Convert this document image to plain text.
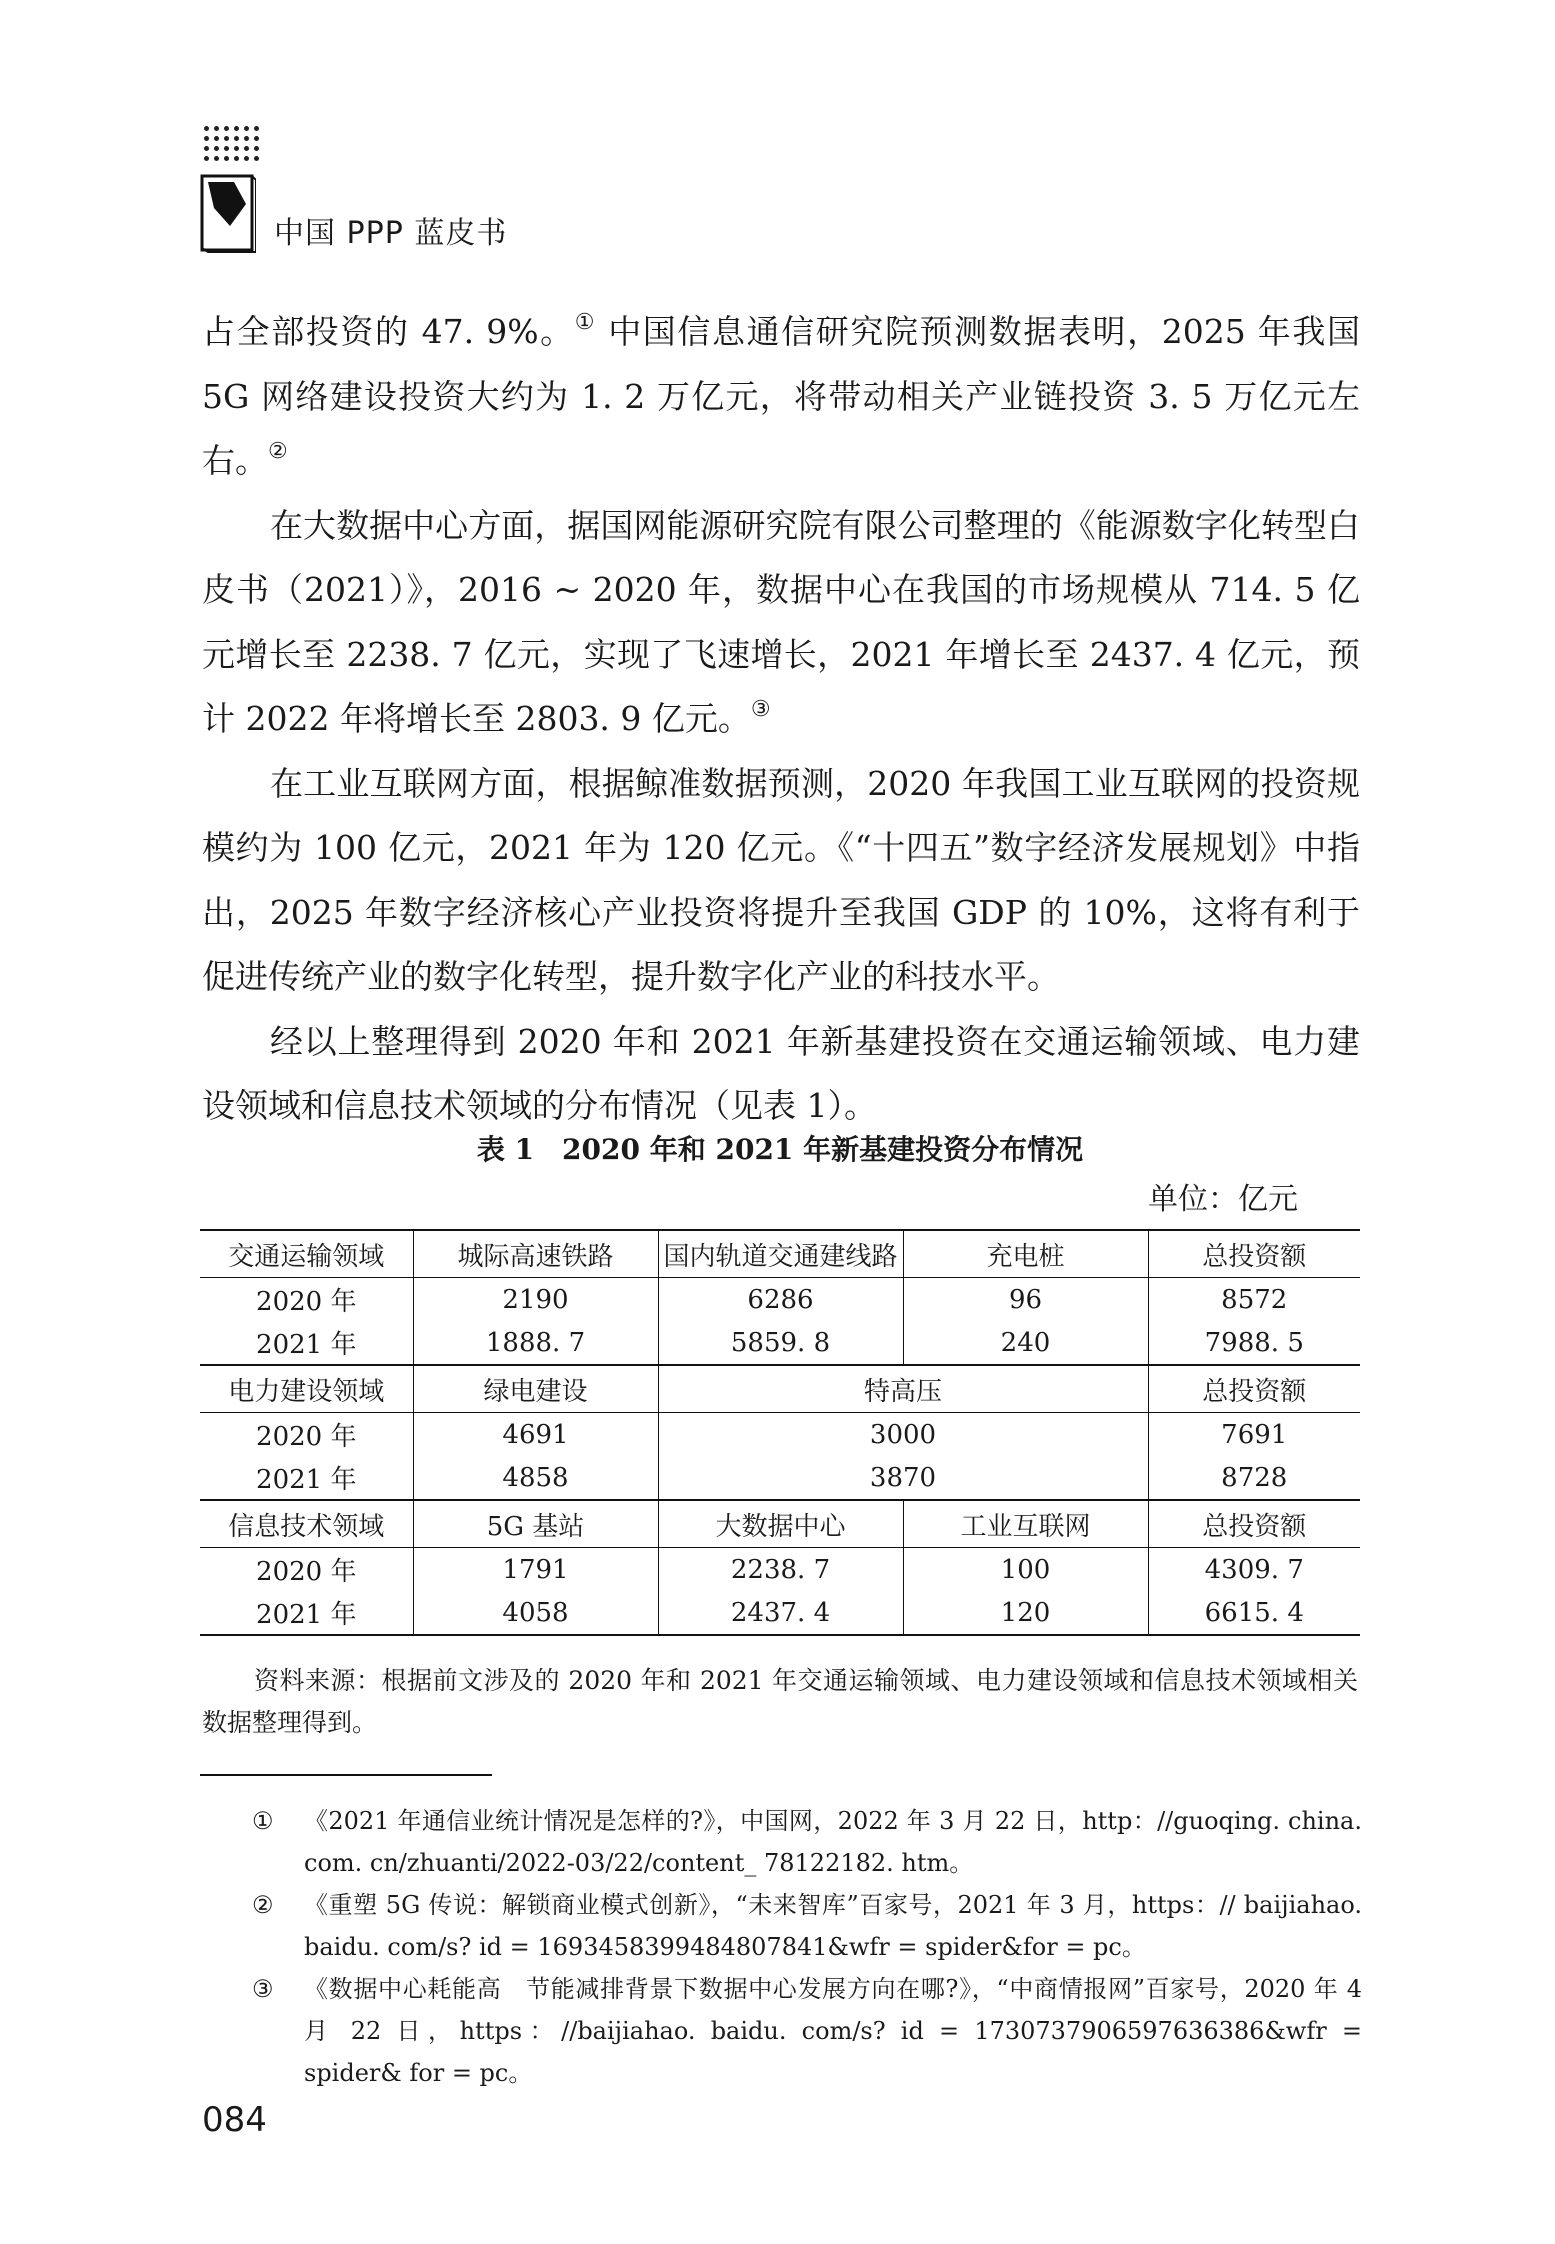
中国 PPP 蓝皮书

占全部投资的 47. 9%。① 中国信息通信研究院预测数据表明，2025 年我国 5G 网络建设投资大约为 1. 2 万亿元，将带动相关产业链投资 3. 5 万亿元左右。②

在大数据中心方面，据国网能源研究院有限公司整理的《能源数字化转型白皮书（2021）》，2016 ~ 2020 年，数据中心在我国的市场规模从 714. 5 亿元增长至 2238. 7 亿元，实现了飞速增长，2021 年增长至 2437. 4 亿元，预计 2022 年将增长至 2803. 9 亿元。③

在工业互联网方面，根据鲸准数据预测，2020 年我国工业互联网的投资规模约为 100 亿元，2021 年为 120 亿元。《“十四五”数字经济发展规划》中指出，2025 年数字经济核心产业投资将提升至我国 GDP 的 10%，这将有利于促进传统产业的数字化转型，提升数字化产业的科技水平。

经以上整理得到 2020 年和 2021 年新基建投资在交通运输领域、电力建设领域和信息技术领域的分布情况（见表 1）。

表 1　2020 年和 2021 年新基建投资分布情况
单位：亿元
交通运输领域	城际高速铁路	国内轨道交通建线路	充电桩	总投资额
2020 年	2190	6286	96	8572
2021 年	1888. 7	5859. 8	240	7988. 5
电力建设领域	绿电建设	特高压		总投资额
2020 年	4691	3000		7691
2021 年	4858	3870		8728
信息技术领域	5G 基站	大数据中心	工业互联网	总投资额
2020 年	1791	2238. 7	100	4309. 7
2021 年	4058	2437. 4	120	6615. 4
资料来源：根据前文涉及的 2020 年和 2021 年交通运输领域、电力建设领域和信息技术领域相关数据整理得到。
① 《2021 年通信业统计情况是怎样的?》，中国网，2022 年 3 月 22 日，http：//guoqing. china. com. cn/zhuanti/2022-03/22/content_ 78122182. htm。
② 《重塑 5G 传说：解锁商业模式创新》，“未来智库”百家号，2021 年 3 月，https：// baijiahao. baidu. com/s? id = 1693458399484807841&wfr = spider&for = pc。
③ 《数据中心耗能高　节能减排背景下数据中心发展方向在哪?》，“中商情报网”百家号，2020 年 4 月 22 日，https：//baijiahao. baidu. com/s? id = 1730737906597636386&wfr = spider& for = pc。
084
